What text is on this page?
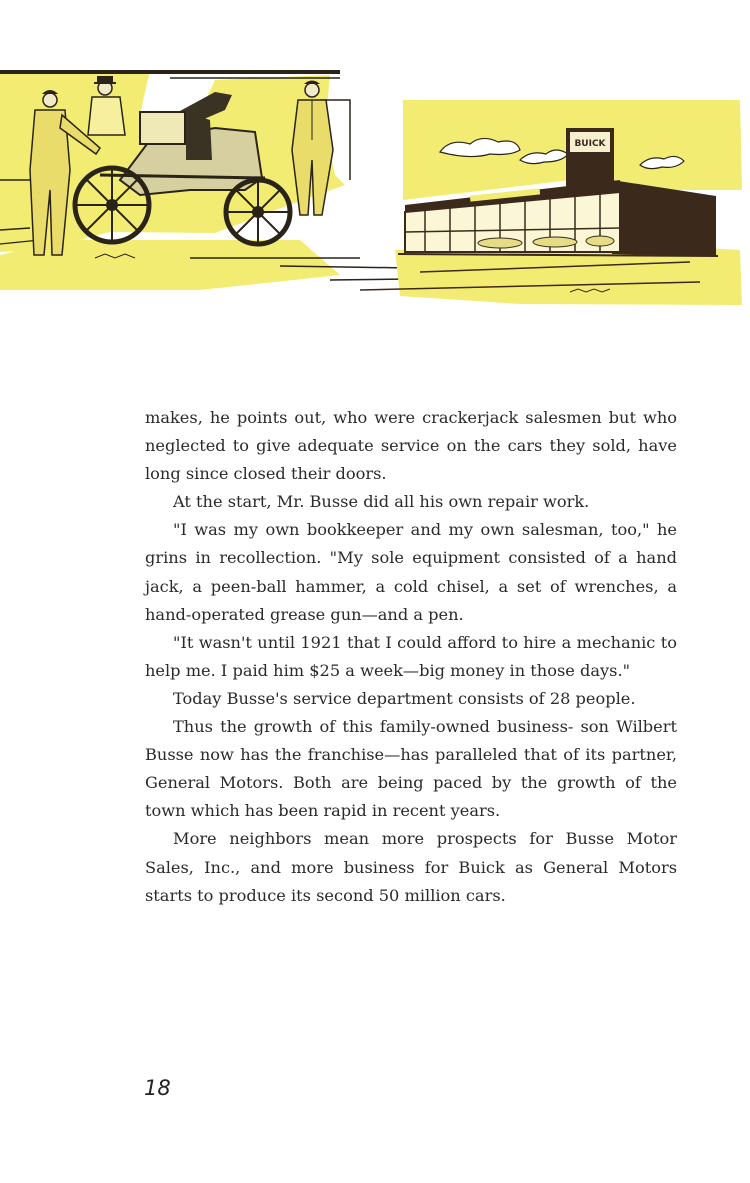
BUICK

makes, he points out, who were crackerjack salesmen but who neglected to give adequate service on the cars they sold, have long since closed their doors.

At the start, Mr. Busse did all his own repair work.

"I was my own bookkeeper and my own salesman, too," he grins in recollection. "My sole equipment consisted of a hand jack, a peen-ball hammer, a cold chisel, a set of wrenches, a hand-operated grease gun—and a pen.

"It wasn't until 1921 that I could afford to hire a mechanic to help me. I paid him $25 a week—big money in those days."

Today Busse's service department consists of 28 people.

Thus the growth of this family-owned business- son Wilbert Busse now has the franchise—has paralleled that of its partner, General Motors. Both are being paced by the growth of the town which has been rapid in recent years.

More neighbors mean more prospects for Busse Motor Sales, Inc., and more business for Buick as General Motors starts to produce its second 50 million cars.

18
